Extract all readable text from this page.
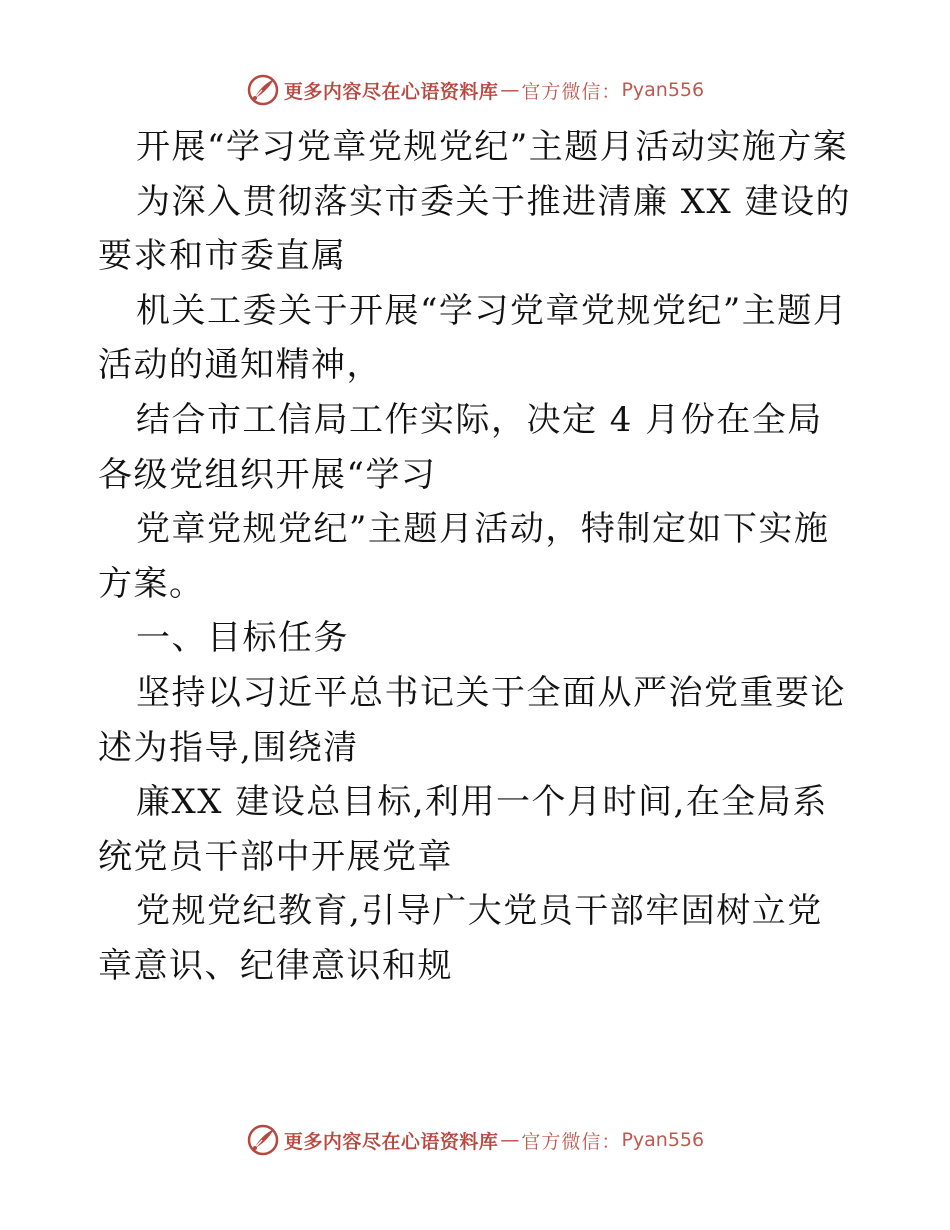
更多内容尽在心语资料库 — 官方微信： Pyan556

开展“学习党章党规党纪”主题月活动实施方案

为深入贯彻落实市委关于推进清廉 XX 建设的要求和市委直属

机关工委关于开展“学习党章党规党纪”主题月活动的通知精神，

结合市工信局工作实际，决定 4 月份在全局各级党组织开展“学习

党章党规党纪”主题月活动，特制定如下实施方案。

一、目标任务

坚持以习近平总书记关于全面从严治党重要论述为指导,围绕清

廉XX 建设总目标,利用一个月时间,在全局系统党员干部中开展党章

党规党纪教育,引导广大党员干部牢固树立党章意识、纪律意识和规

更多内容尽在心语资料库 — 官方微信： Pyan556
